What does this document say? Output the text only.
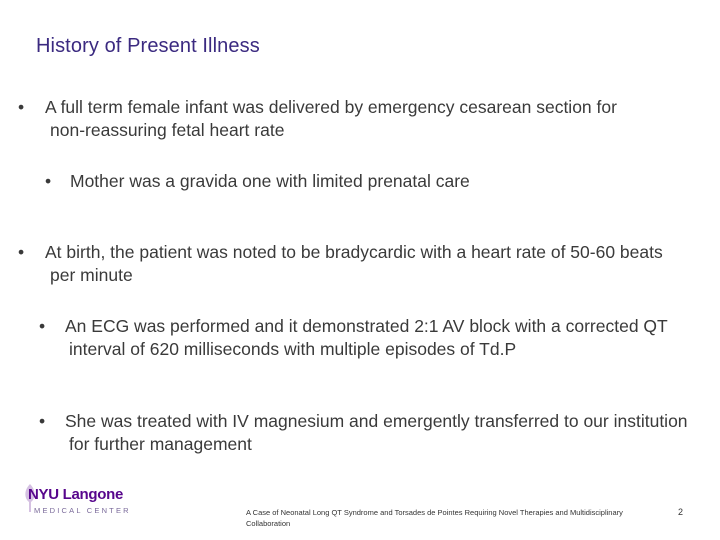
History of Present Illness

• A full term female infant was delivered by emergency cesarean section for non-reassuring fetal heart rate

• Mother was a gravida one with limited prenatal care

• At birth, the patient was noted to be bradycardic with a heart rate of 50-60 beats per minute

• An ECG was performed and it demonstrated 2:1 AV block with a corrected QT interval of 620 milliseconds with multiple episodes of Td.P

• She was treated with IV magnesium and emergently transferred to our institution for further management

NYU Langone
MEDICAL CENTER	A Case of Neonatal Long QT Syndrome and Torsades de Pointes Requiring Novel Therapies and Multidisciplinary Collaboration
2
